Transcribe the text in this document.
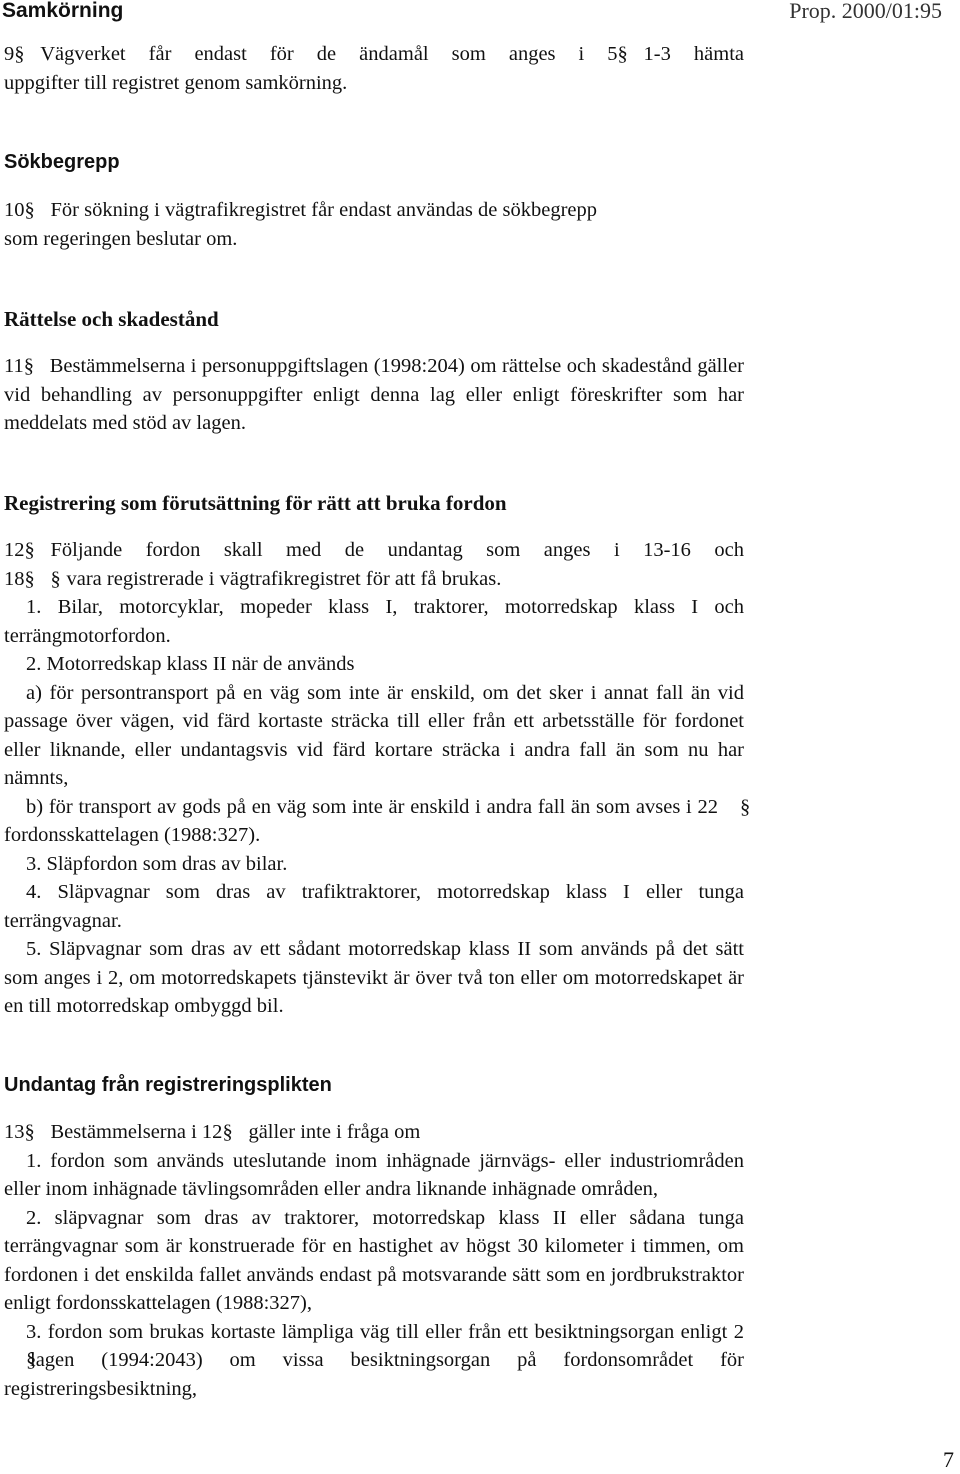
Samkörning	Prop. 2000/01:95

9 § Vägverket får endast för de ändamål som anges i 5 § 1-3 hämta

uppgifter till registret genom samkörning.

Sökbegrepp

10 § För sökning i vägtrafikregistret får endast användas de sökbegrepp

som regeringen beslutar om.

Rättelse och skadestånd

11 § Bestämmelserna i personuppgiftslagen (1998:204) om rättelse och skadestånd gäller vid behandling av personuppgifter enligt denna lag eller enligt föreskrifter som har meddelats med stöd av lagen.

Registrering som förutsättning för rätt att bruka fordon

12 § Följande fordon skall med de undantag som anges i 13-16 och

18 § § vara registrerade i vägtrafikregistret för att få brukas.

1. Bilar, motorcyklar, mopeder klass I, traktorer, motorredskap klass I och terrängmotorfordon.

2. Motorredskap klass II när de används

a) för persontransport på en väg som inte är enskild, om det sker i annat fall än vid passage över vägen, vid färd kortaste sträcka till eller från ett arbetsställe för fordonet eller liknande, eller undantagsvis vid färd kortare sträcka i andra fall än som nu har nämnts,

b) för transport av gods på en väg som inte är enskild i andra fall än som avses i 22§fordonsskattelagen (1988:327).

3. Släpfordon som dras av bilar.

4. Släpvagnar som dras av trafiktraktorer, motorredskap klass I eller tunga terrängvagnar.

5. Släpvagnar som dras av ett sådant motorredskap klass II som används på det sätt som anges i 2, om motorredskapets tjänstevikt är över två ton eller om motorredskapet är en till motorredskap ombyggd bil.

Undantag från registreringsplikten

13 § Bestämmelserna i 12 § gäller inte i fråga om

1. fordon som används uteslutande inom inhägnade järnvägs- eller industriområden eller inom inhägnade tävlingsområden eller andra liknande inhägnade områden,

2. släpvagnar som dras av traktorer, motorredskap klass II eller sådana tunga terrängvagnar som är konstruerade för en hastighet av högst 30 kilometer i timmen, om fordonen i det enskilda fallet används endast på motsvarande sätt som en jordbrukstraktor enligt fordonsskattelagen (1988:327),

3. fordon som brukas kortaste lämpliga väg till eller från ett besiktningsorgan enligt 2§lagen (1994:2043) om vissa besiktningsorgan på fordonsområdet för registreringsbesiktning,

7
